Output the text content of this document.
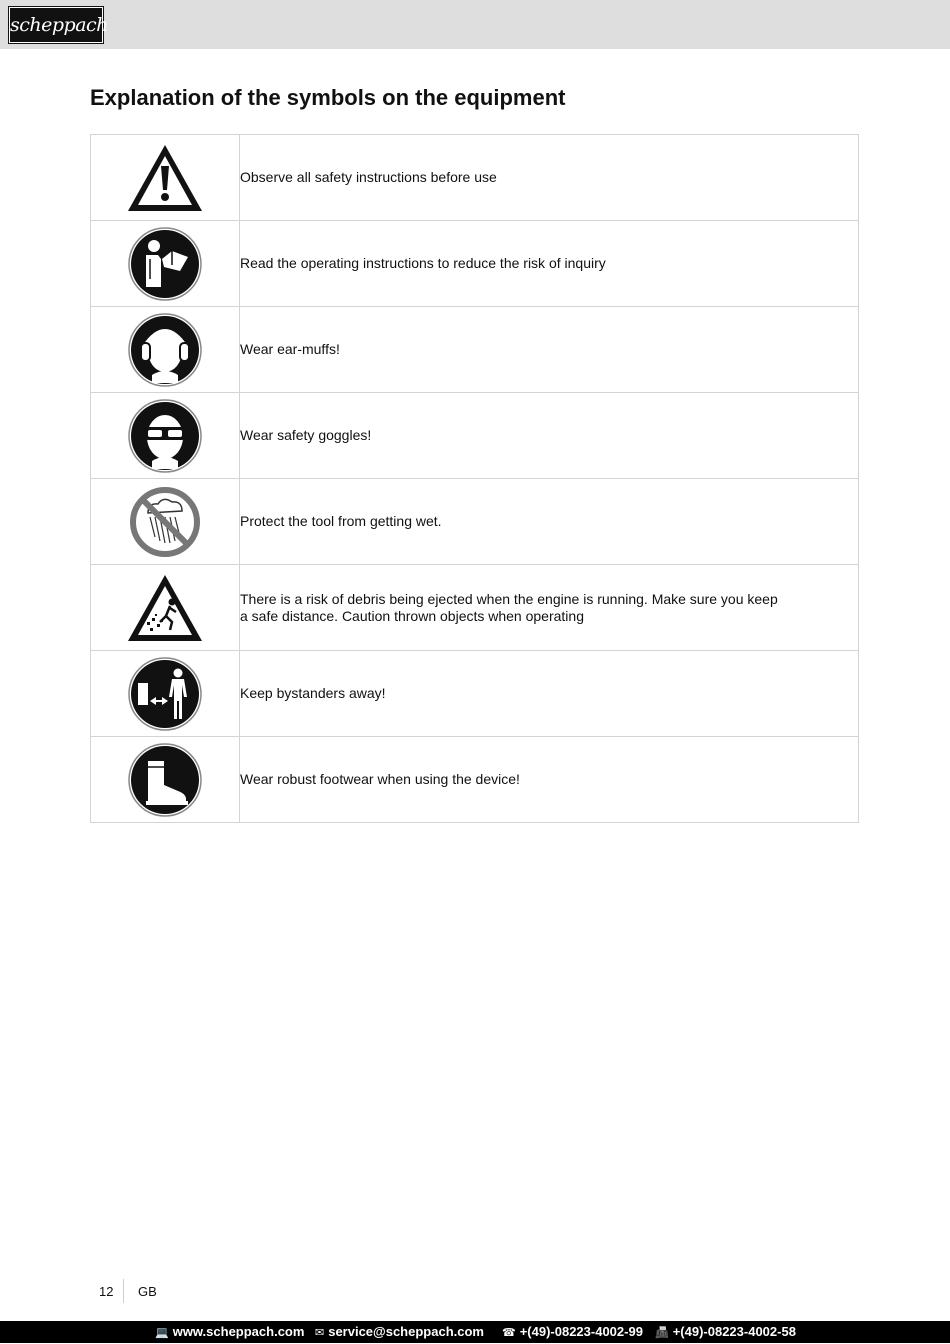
scheppach
Explanation of the symbols on the equipment

Observe all safety instructions before use

Read the operating instructions to reduce the risk of inquiry

Wear ear-muffs!

Wear safety goggles!

Protect the tool from getting wet.

There is a risk of debris being ejected when the engine is running. Make sure you keep a safe distance. Caution thrown objects when operating

Keep bystanders away!

Wear robust footwear when using the device!
12 GB
💻 www.scheppach.com ✉ service@scheppach.com ☎ +(49)-08223-4002-99 📠 +(49)-08223-4002-58
